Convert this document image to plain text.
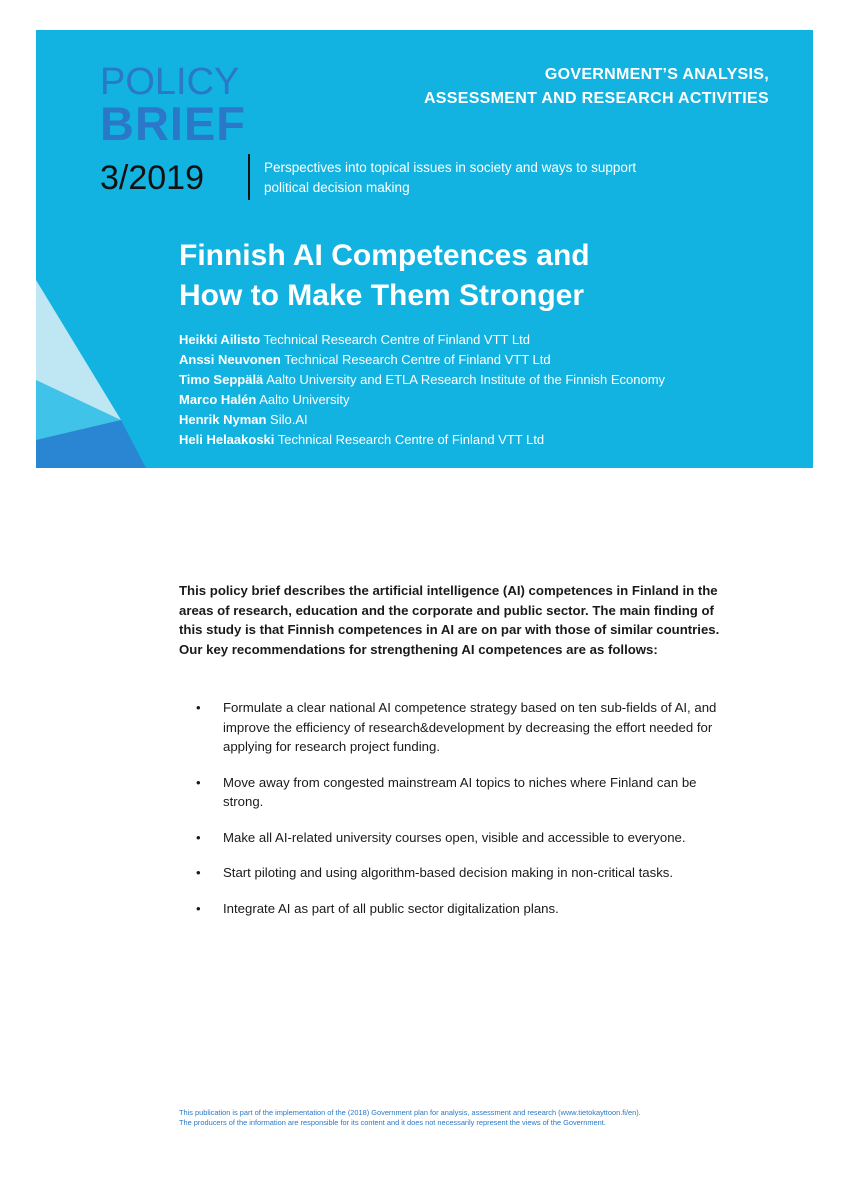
POLICY
BRIEF
3/2019	Perspectives into topical issues in society and ways to support political decision making
GOVERNMENT’S ANALYSIS,
ASSESSMENT AND RESEARCH ACTIVITIES
Finnish AI Competences and
How to Make Them Stronger
Heikki Ailisto Technical Research Centre of Finland VTT Ltd
Anssi Neuvonen Technical Research Centre of Finland VTT Ltd
Timo Seppälä Aalto University and ETLA Research Institute of the Finnish Economy
Marco Halén Aalto University
Henrik Nyman Silo.AI
Heli Helaakoski Technical Research Centre of Finland VTT Ltd

This policy brief describes the artificial intelligence (AI) competences in Finland in the areas of research, education and the corporate and public sector. The main finding of this study is that Finnish competences in AI are on par with those of similar countries. Our key recommendations for strengthening AI competences are as follows:

• Formulate a clear national AI competence strategy based on ten sub-fields of AI, and improve the efficiency of research&development by decreasing the effort needed for applying for research project funding.
• Move away from congested mainstream AI topics to niches where Finland can be strong.
• Make all AI-related university courses open, visible and accessible to everyone.
• Start piloting and using algorithm-based decision making in non-critical tasks.
• Integrate AI as part of all public sector digitalization plans.
This publication is part of the implementation of the (2018) Government plan for analysis, assessment and research (www.tietokayttoon.fi/en).
The producers of the information are responsible for its content and it does not necessarily represent the views of the Government.
